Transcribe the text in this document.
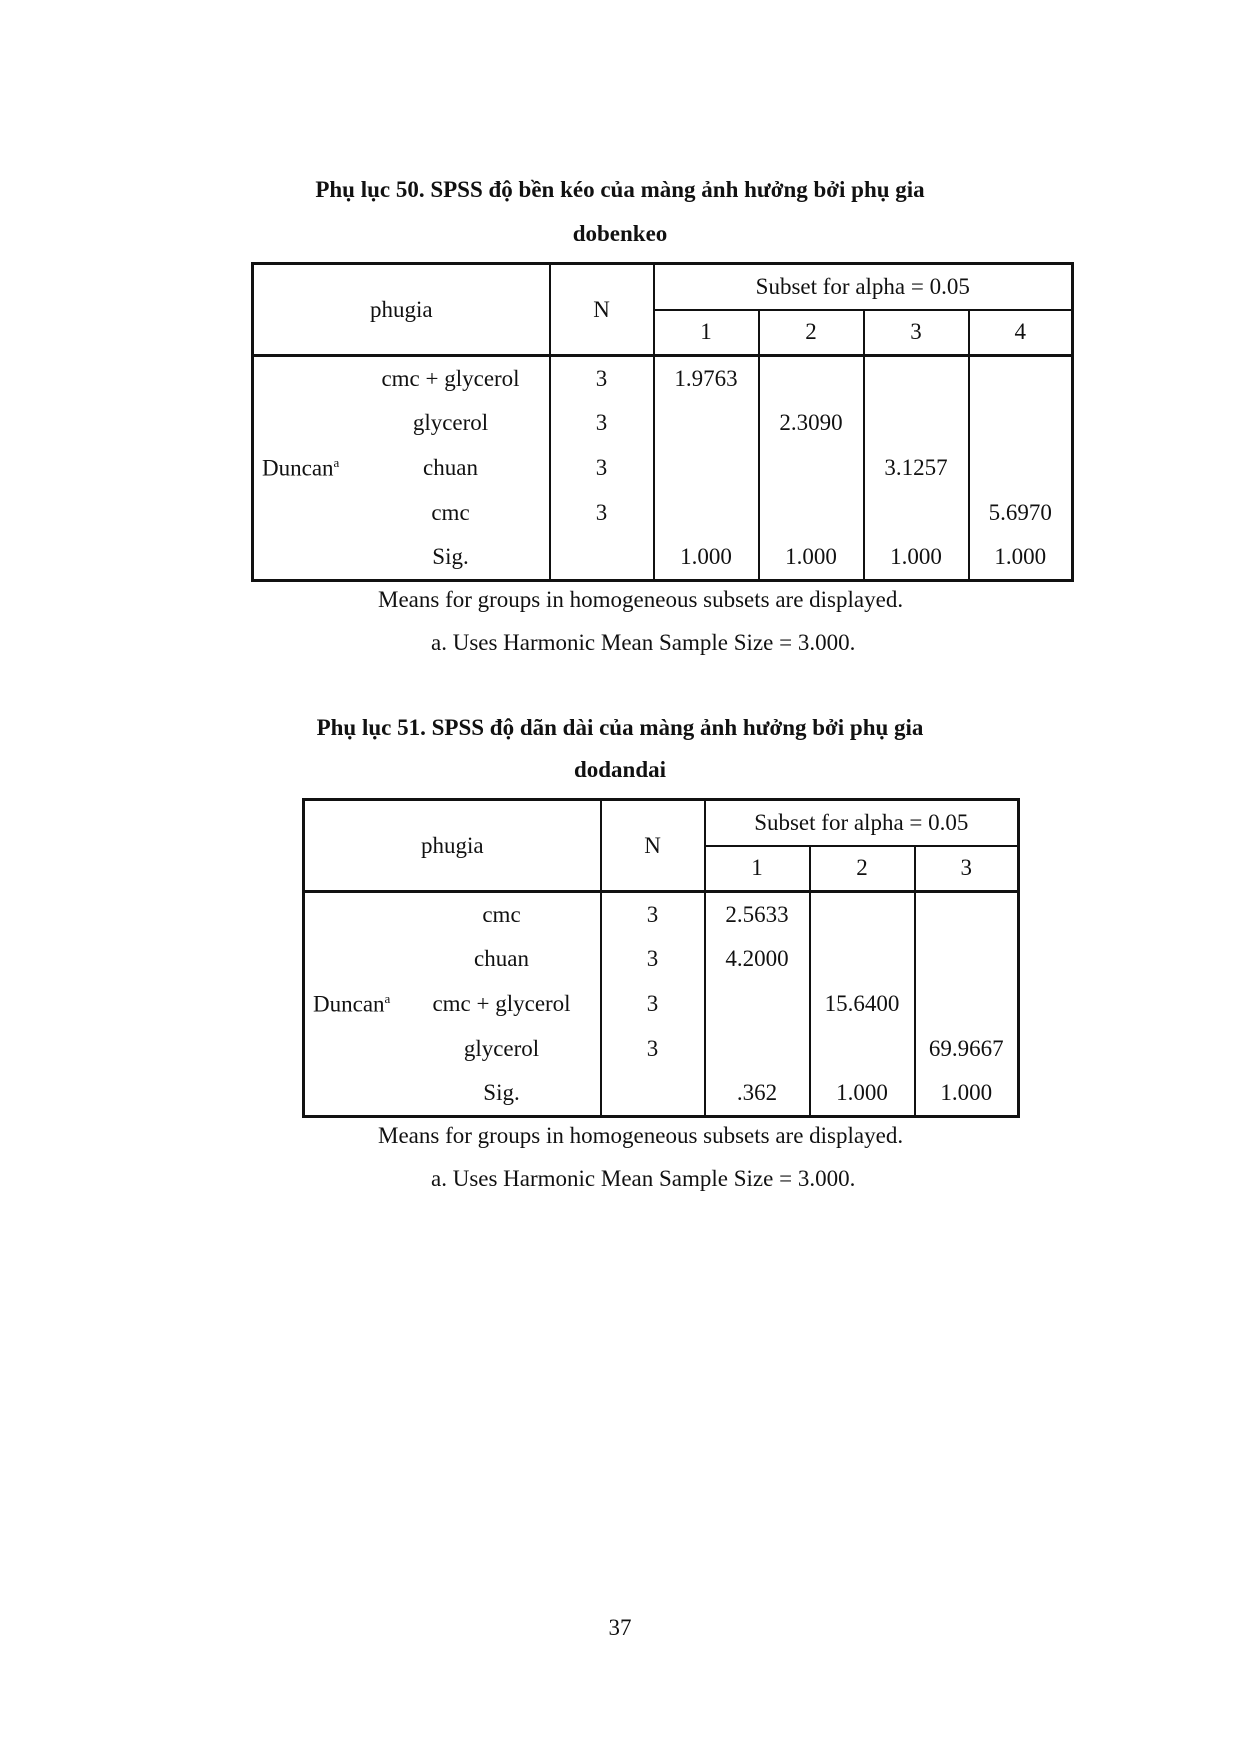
Phụ lục 50. SPSS độ bền kéo của màng ảnh hưởng bởi phụ gia
dobenkeo
phugia		N	Subset for alpha = 0.05			
			1	2	3	4
Duncan$^a$	cmc + glycerol	3	1.9763			
	glycerol	3		2.3090		
	chuan	3			3.1257	
	cmc	3				5.6970
	Sig.		1.000	1.000	1.000	1.000
Means for groups in homogeneous subsets are displayed.
a. Uses Harmonic Mean Sample Size = 3.000.
Phụ lục 51. SPSS độ dãn dài của màng ảnh hưởng bởi phụ gia
dodandai
phugia		N	Subset for alpha = 0.05		
			1	2	3
Duncan$^a$	cmc	3	2.5633		
	chuan	3	4.2000		
	cmc + glycerol	3		15.6400	
	glycerol	3			69.9667
	Sig.		.362	1.000	1.000
Means for groups in homogeneous subsets are displayed.
a. Uses Harmonic Mean Sample Size = 3.000.
37
